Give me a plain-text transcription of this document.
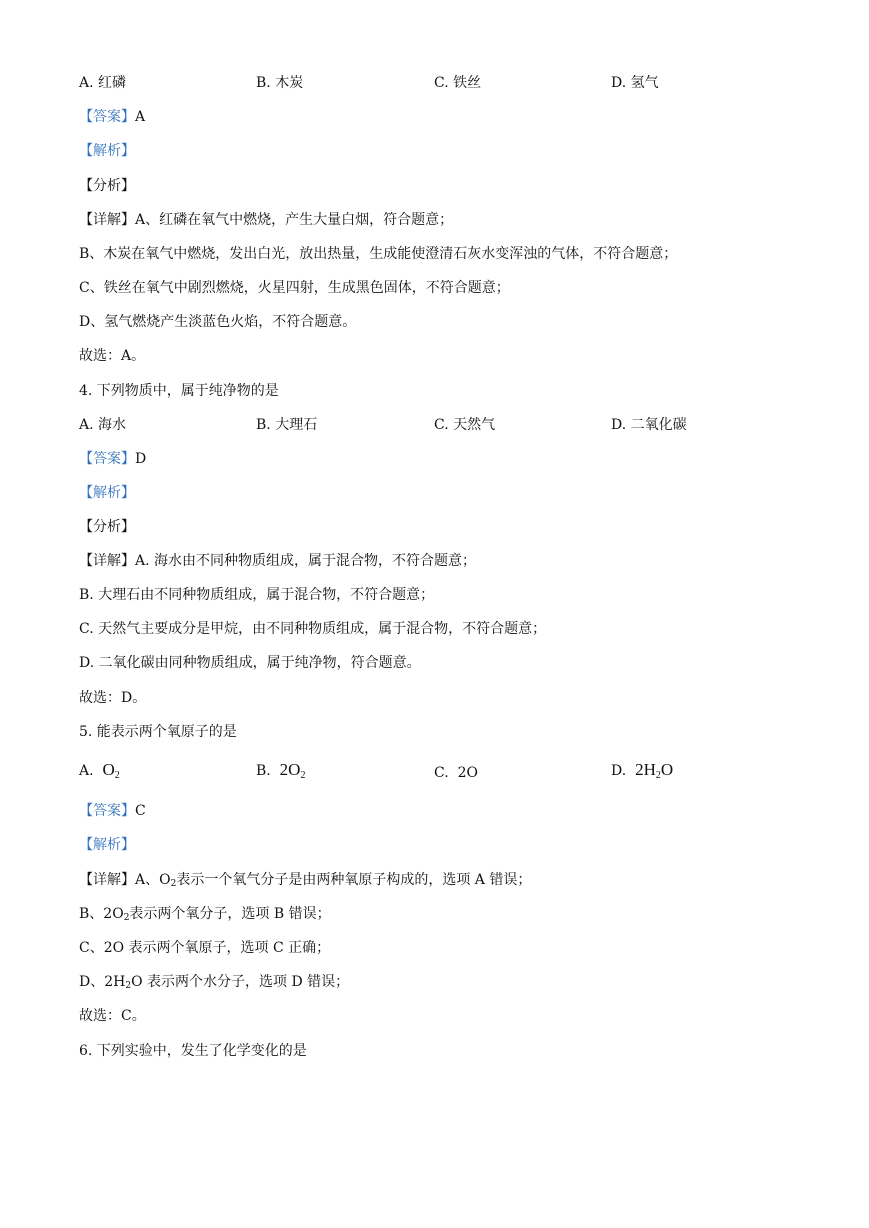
A. 红磷	B. 木炭	C. 铁丝	D. 氢气
【答案】A
【解析】
【分析】
【详解】A、红磷在氧气中燃烧，产生大量白烟，符合题意；
B、木炭在氧气中燃烧，发出白光，放出热量，生成能使澄清石灰水变浑浊的气体，不符合题意；
C、铁丝在氧气中剧烈燃烧，火星四射，生成黑色固体，不符合题意；
D、氢气燃烧产生淡蓝色火焰，不符合题意。
故选：A。
4. 下列物质中，属于纯净物的是
A. 海水	B. 大理石	C. 天然气	D. 二氧化碳
【答案】D
【解析】
【分析】
【详解】A. 海水由不同种物质组成，属于混合物，不符合题意；
B. 大理石由不同种物质组成，属于混合物，不符合题意；
C. 天然气主要成分是甲烷，由不同种物质组成，属于混合物，不符合题意；
D. 二氧化碳由同种物质组成，属于纯净物，符合题意。
故选：D。
5. 能表示两个氧原子的是
A. $O_2$	B. $2O_2$	C. 2O	D. $2H_2O$
【答案】C
【解析】
【详解】A、$O_2$表示一个氧气分子是由两种氧原子构成的，选项 A 错误；
B、$2O_2$表示两个氧分子，选项 B 错误；
C、2O 表示两个氧原子，选项 C 正确；
D、$2H_2O$ 表示两个水分子，选项 D 错误；
故选：C。
6. 下列实验中，发生了化学变化的是
